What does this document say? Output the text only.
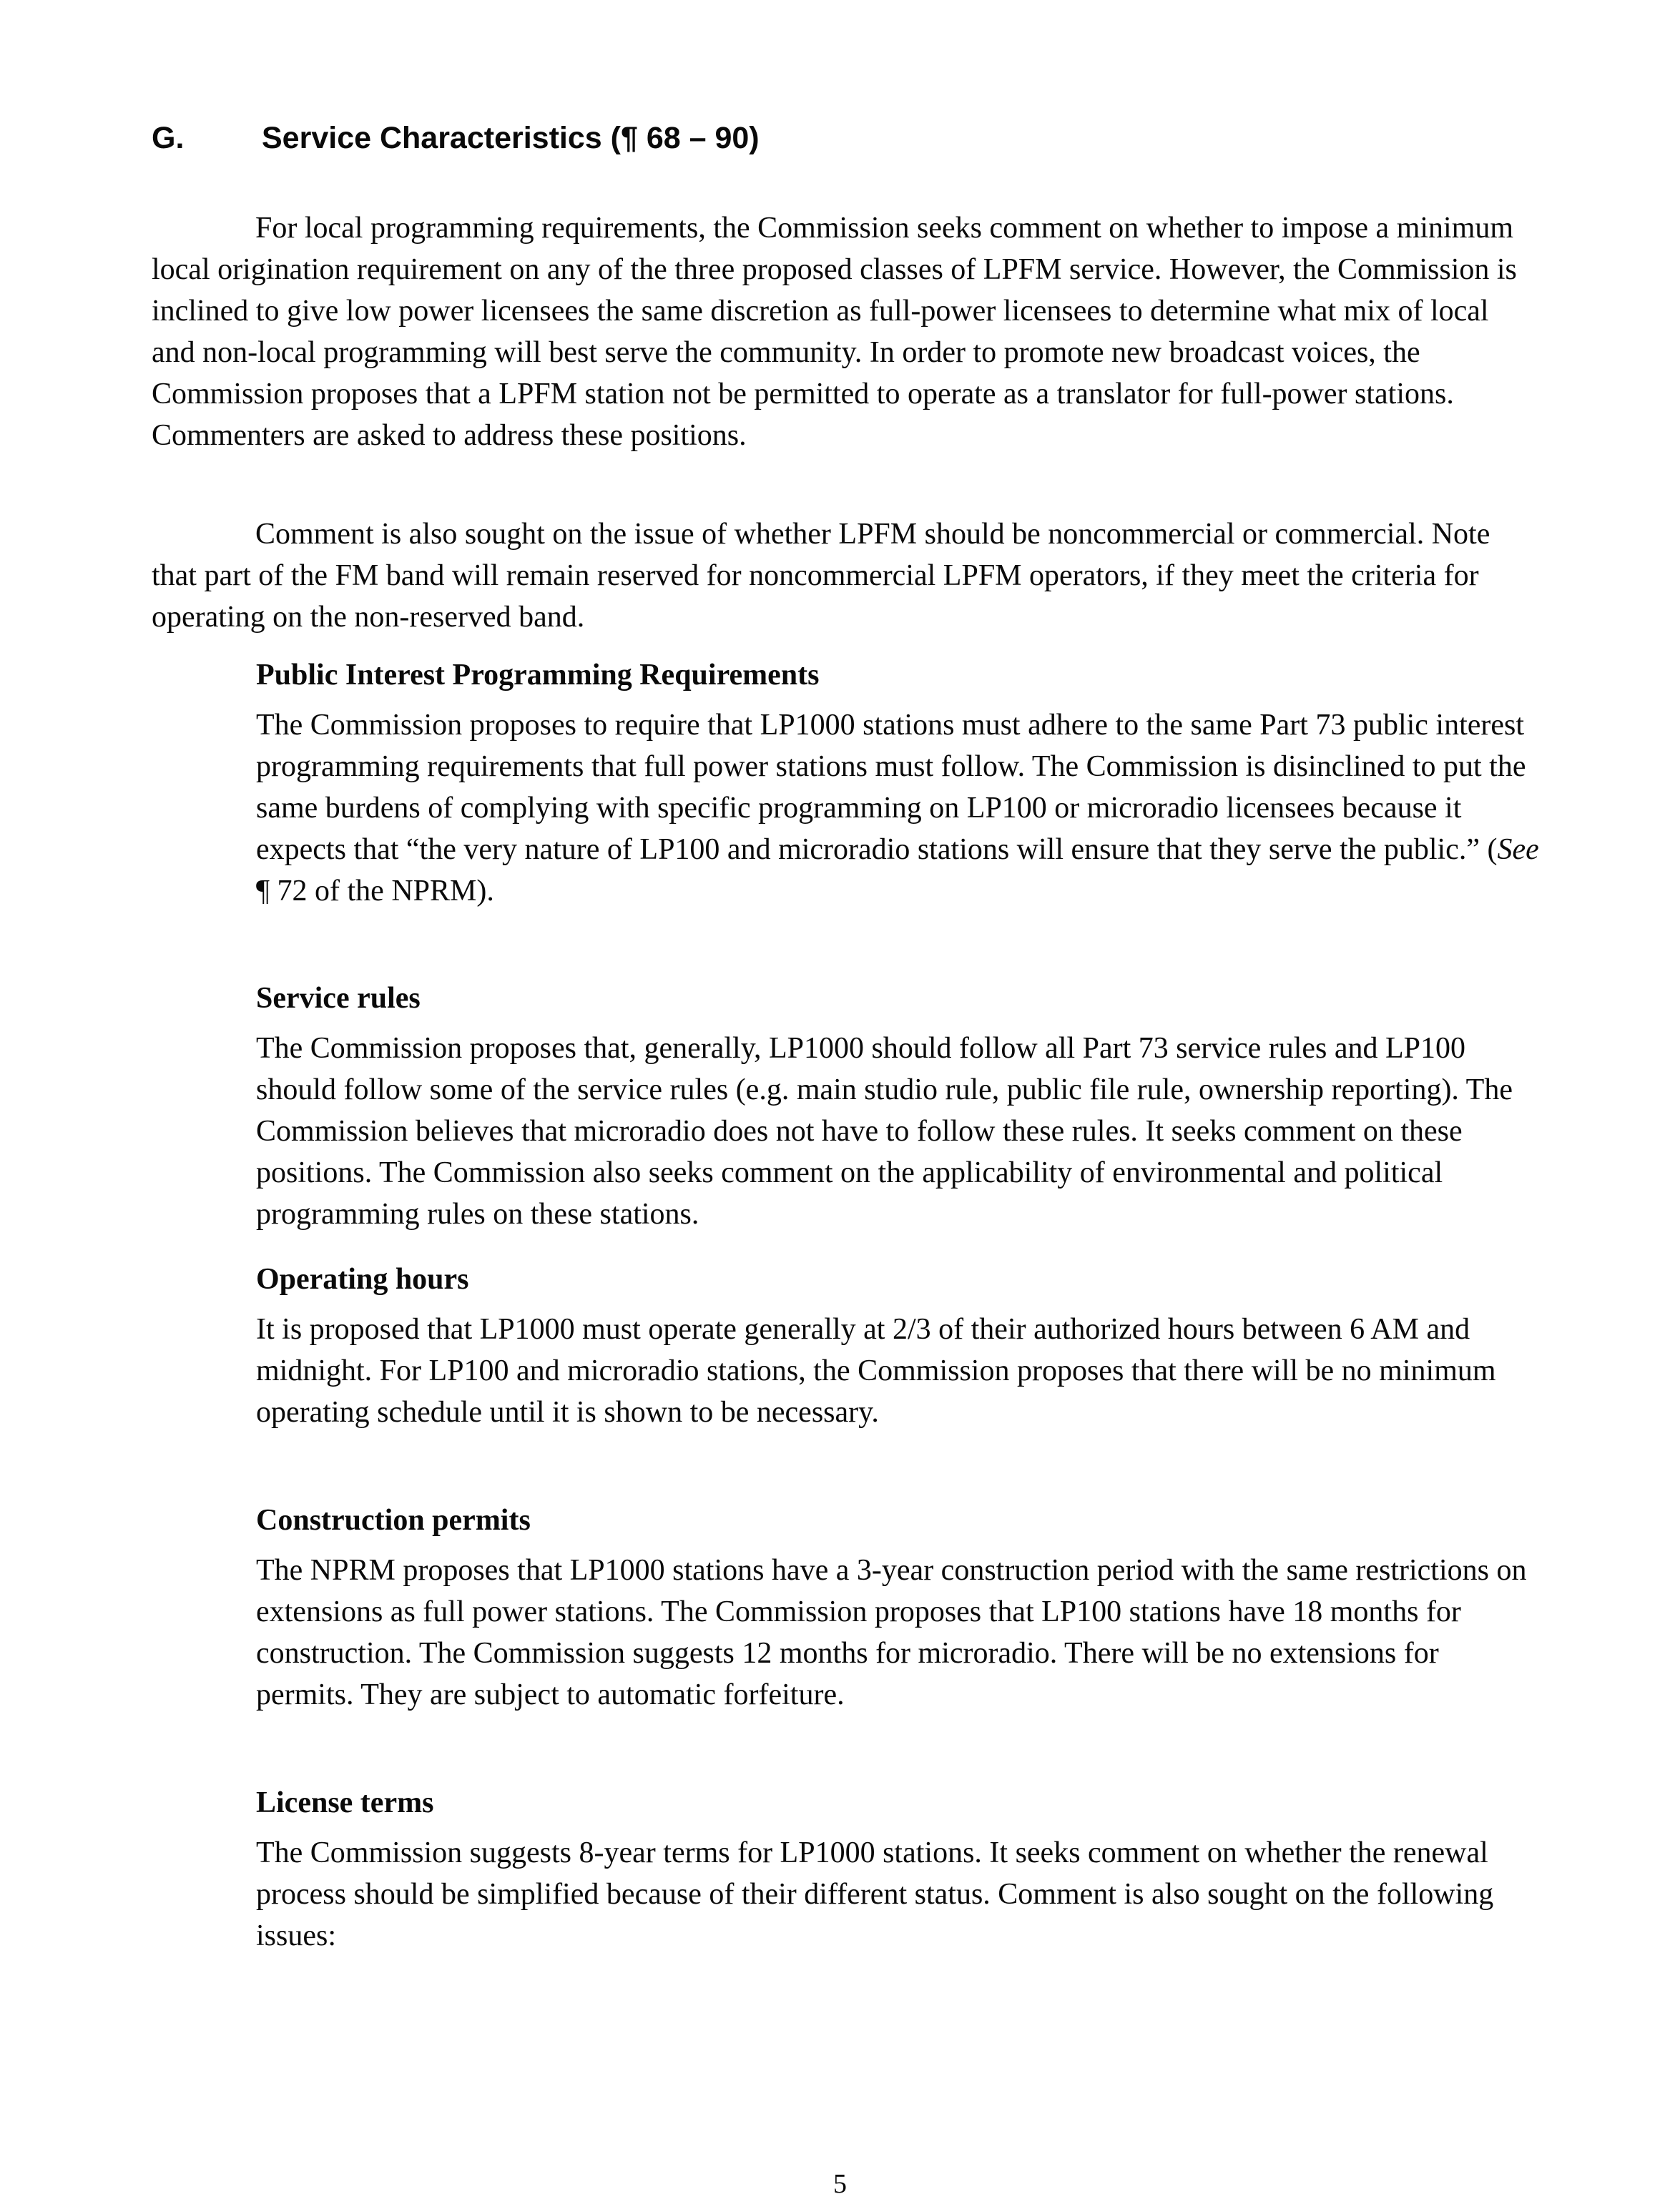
G.	Service Characteristics (¶ 68 – 90)

For local programming requirements, the Commission seeks comment on whether to impose a minimum local origination requirement on any of the three proposed classes of LPFM service. However, the Commission is inclined to give low power licensees the same discretion as full-power licensees to determine what mix of local and non-local programming will best serve the community. In order to promote new broadcast voices, the Commission proposes that a LPFM station not be permitted to operate as a translator for full-power stations. Commenters are asked to address these positions.

Comment is also sought on the issue of whether LPFM should be noncommercial or commercial. Note that part of the FM band will remain reserved for noncommercial LPFM operators, if they meet the criteria for operating on the non-reserved band.

Public Interest Programming Requirements

The Commission proposes to require that LP1000 stations must adhere to the same Part 73 public interest programming requirements that full power stations must follow. The Commission is disinclined to put the same burdens of complying with specific programming on LP100 or microradio licensees because it expects that “the very nature of LP100 and microradio stations will ensure that they serve the public.” (See ¶ 72 of the NPRM).

Service rules

The Commission proposes that, generally, LP1000 should follow all Part 73 service rules and LP100 should follow some of the service rules (e.g. main studio rule, public file rule, ownership reporting). The Commission believes that microradio does not have to follow these rules. It seeks comment on these positions. The Commission also seeks comment on the applicability of environmental and political programming rules on these stations.

Operating hours

It is proposed that LP1000 must operate generally at 2/3 of their authorized hours between 6 AM and midnight. For LP100 and microradio stations, the Commission proposes that there will be no minimum operating schedule until it is shown to be necessary.

Construction permits

The NPRM proposes that LP1000 stations have a 3-year construction period with the same restrictions on extensions as full power stations. The Commission proposes that LP100 stations have 18 months for construction. The Commission suggests 12 months for microradio. There will be no extensions for permits. They are subject to automatic forfeiture.

License terms

The Commission suggests 8-year terms for LP1000 stations. It seeks comment on whether the renewal process should be simplified because of their different status. Comment is also sought on the following issues:

5
